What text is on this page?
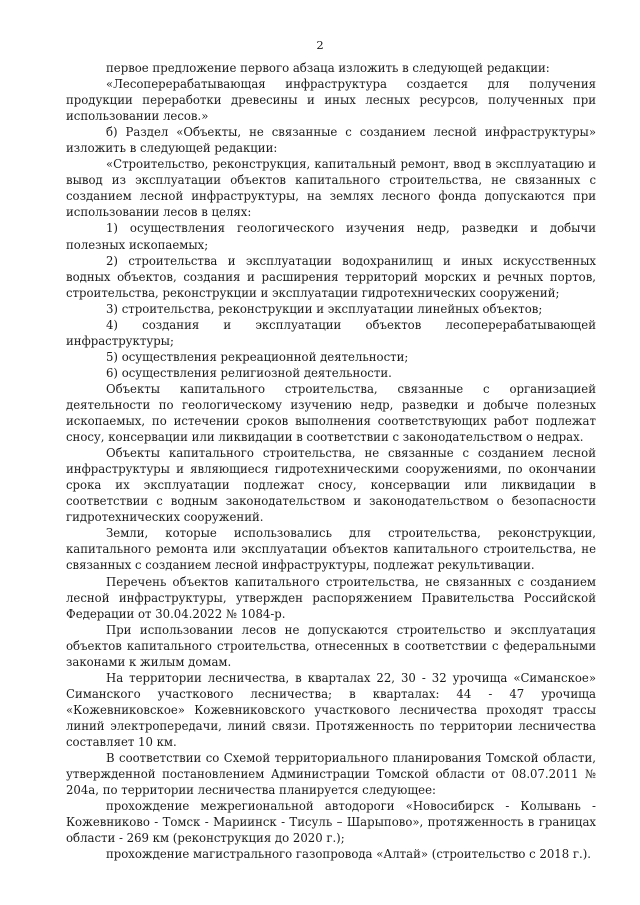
2

первое предложение первого абзаца изложить в следующей редакции:

«Лесоперерабатывающая инфраструктура создается для получения продукции переработки древесины и иных лесных ресурсов, полученных при использовании лесов.»

б) Раздел «Объекты, не связанные с созданием лесной инфраструктуры» изложить в следующей редакции:

«Строительство, реконструкция, капитальный ремонт, ввод в эксплуатацию и вывод из эксплуатации объектов капитального строительства, не связанных с созданием лесной инфраструктуры, на землях лесного фонда допускаются при использовании лесов в целях:

1) осуществления геологического изучения недр, разведки и добычи полезных ископаемых;

2) строительства и эксплуатации водохранилищ и иных искусственных водных объектов, создания и расширения территорий морских и речных портов, строительства, реконструкции и эксплуатации гидротехнических сооружений;

3) строительства, реконструкции и эксплуатации линейных объектов;

4) создания и эксплуатации объектов лесоперерабатывающей инфраструктуры;

5) осуществления рекреационной деятельности;

6) осуществления религиозной деятельности.

Объекты капитального строительства, связанные с организацией деятельности по геологическому изучению недр, разведки и добыче полезных ископаемых, по истечении сроков выполнения соответствующих работ подлежат сносу, консервации или ликвидации в соответствии с законодательством о недрах.

Объекты капитального строительства, не связанные с созданием лесной инфраструктуры и являющиеся гидротехническими сооружениями, по окончании срока их эксплуатации подлежат сносу, консервации или ликвидации в соответствии с водным законодательством и законодательством о безопасности гидротехнических сооружений.

Земли, которые использовались для строительства, реконструкции, капитального ремонта или эксплуатации объектов капитального строительства, не связанных с созданием лесной инфраструктуры, подлежат рекультивации.

Перечень объектов капитального строительства, не связанных с созданием лесной инфраструктуры, утвержден распоряжением Правительства Российской Федерации от 30.04.2022 № 1084-р.

При использовании лесов не допускаются строительство и эксплуатация объектов капитального строительства, отнесенных в соответствии с федеральными законами к жилым домам.

На территории лесничества, в кварталах 22, 30 - 32 урочища «Симанское» Симанского участкового лесничества; в кварталах: 44 - 47 урочища «Кожевниковское» Кожевниковского участкового лесничества проходят трассы линий электропередачи, линий связи. Протяженность по территории лесничества составляет 10 км.

В соответствии со Схемой территориального планирования Томской области, утвержденной постановлением Администрации Томской области от 08.07.2011 № 204а, по территории лесничества планируется следующее:

прохождение межрегиональной автодороги «Новосибирск - Колывань - Кожевниково - Томск - Мариинск - Тисуль – Шарыпово», протяженность в границах области - 269 км (реконструкция до 2020 г.);

прохождение магистрального газопровода «Алтай» (строительство с 2018 г.).
